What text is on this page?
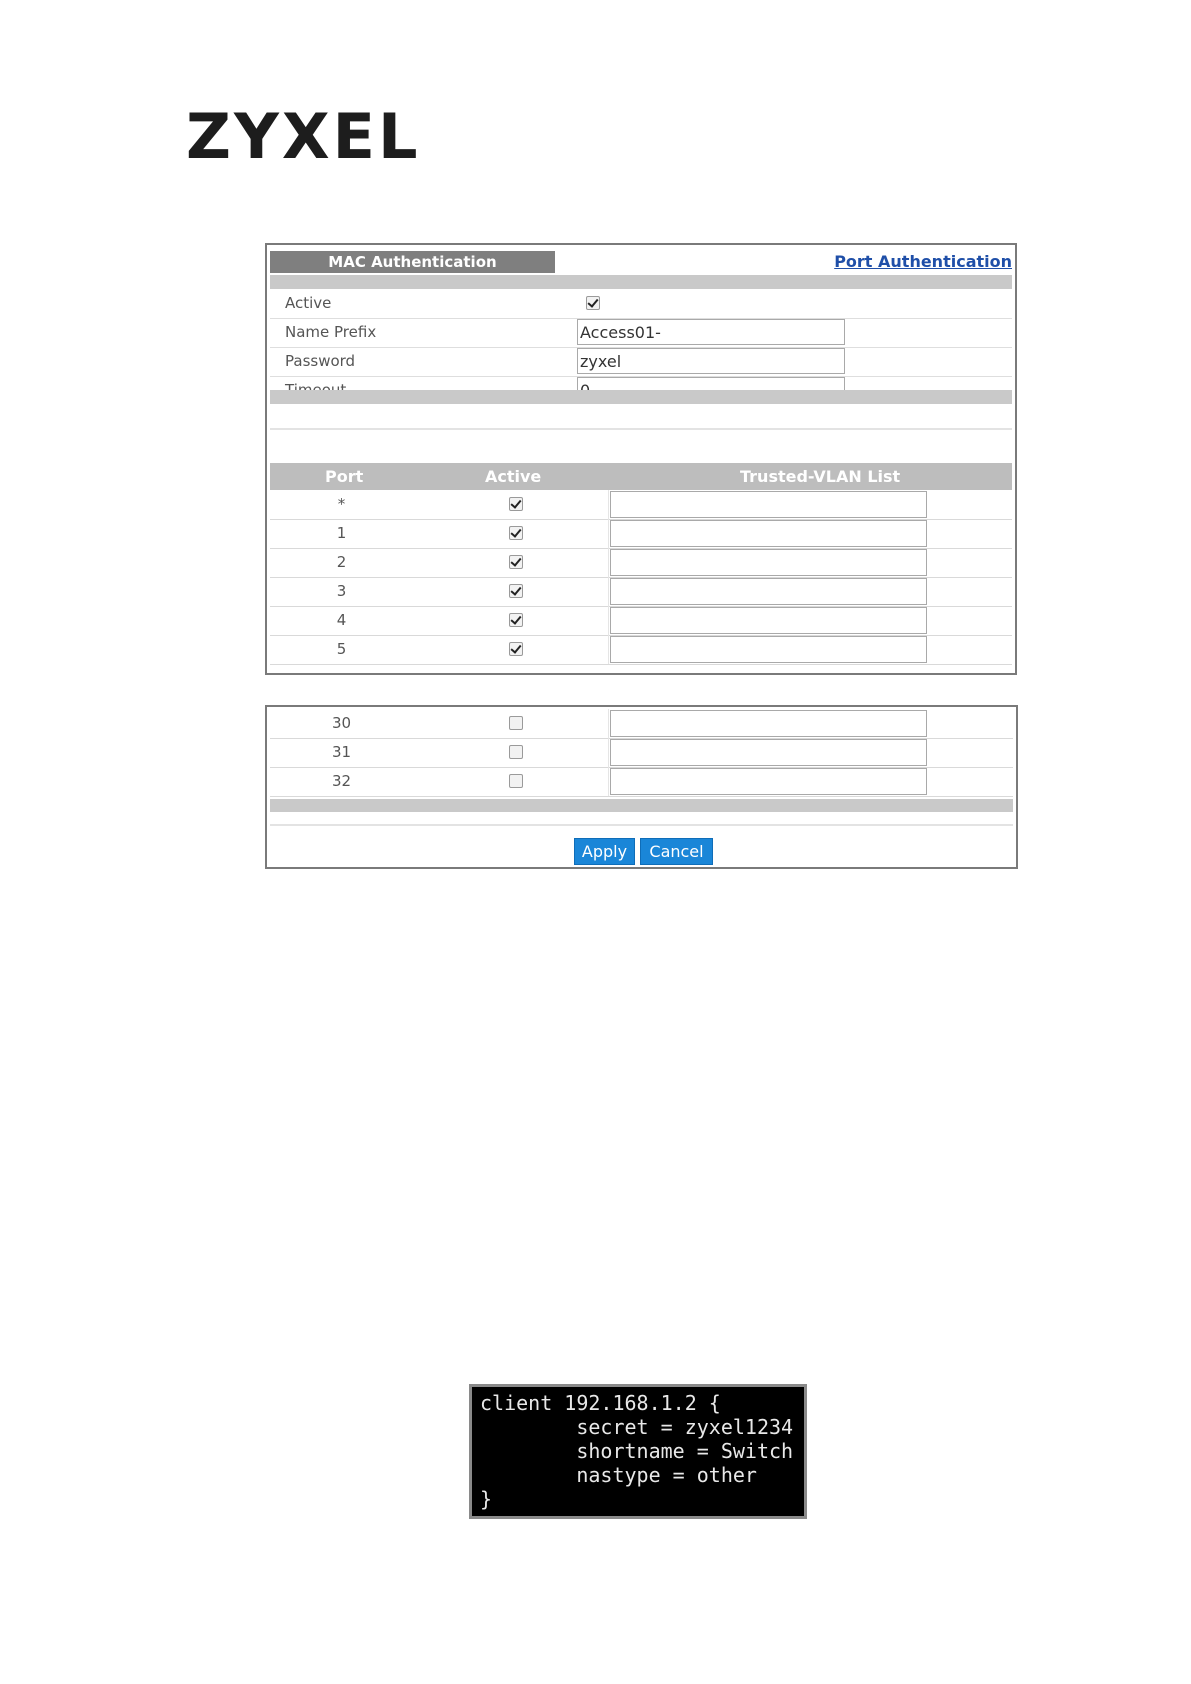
ZYXEL
MAC Authentication	Port Authentication
Active
Name Prefix	Access01-
Password	zyxel
Port	Active	Trusted-VLAN List
*
1
2
3
4
5
30
31
32
Apply	Cancel
client 192.168.1.2 {
secret = zyxel1234
shortname = Switch
nastype = other
}
